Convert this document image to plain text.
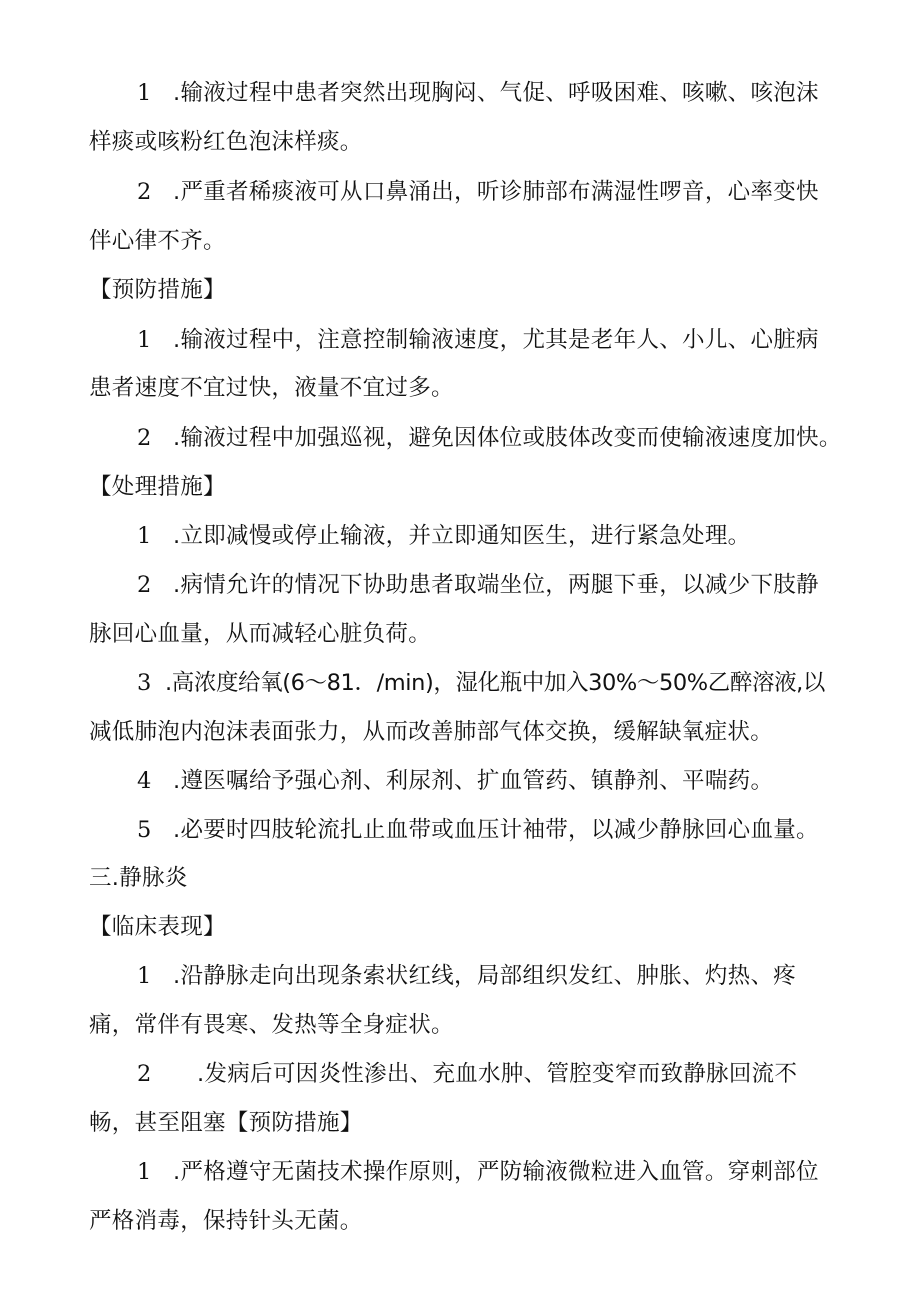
1 .输液过程中患者突然出现胸闷、气促、呼吸困难、咳嗽、咳泡沫
样痰或咳粉红色泡沫样痰。
2 .严重者稀痰液可从口鼻涌出，听诊肺部布满湿性啰音，心率变快
伴心律不齐。
【预防措施】
1 .输液过程中，注意控制输液速度，尤其是老年人、小儿、心脏病
患者速度不宜过快，液量不宜过多。
2 .输液过程中加强巡视，避免因体位或肢体改变而使输液速度加快。
【处理措施】
1 .立即减慢或停止输液，并立即通知医生，进行紧急处理。
2 .病情允许的情况下协助患者取端坐位，两腿下垂，以减少下肢静
脉回心血量，从而减轻心脏负荷。
3 .高浓度给氧(6～81．/min)，湿化瓶中加入30%～50%乙醉溶液,以
减低肺泡内泡沫表面张力，从而改善肺部气体交换，缓解缺氧症状。
4 .遵医嘱给予强心剂、利尿剂、扩血管药、镇静剂、平喘药。
5 .必要时四肢轮流扎止血带或血压计袖带，以减少静脉回心血量。
三.静脉炎
【临床表现】
1 .沿静脉走向出现条索状红线，局部组织发红、肿胀、灼热、疼
痛，常伴有畏寒、发热等全身症状。
2 .发病后可因炎性渗出、充血水肿、管腔变窄而致静脉回流不
畅，甚至阻塞【预防措施】
1 .严格遵守无菌技术操作原则，严防输液微粒进入血管。穿刺部位
严格消毒，保持针头无菌。
